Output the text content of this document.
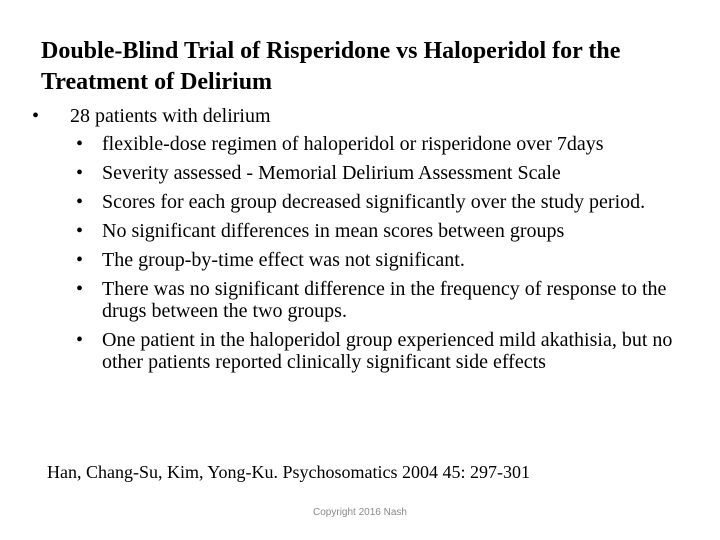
Double-Blind Trial of Risperidone vs Haloperidol for the Treatment of Delirium
•	28 patients with delirium
• flexible-dose regimen of haloperidol or risperidone over 7days
• Severity assessed - Memorial Delirium Assessment Scale
• Scores for each group decreased significantly over the study period.
• No significant differences in mean scores between groups
• The group-by-time effect was not significant.
• There was no significant difference in the frequency of response to the drugs between the two groups.
• One patient in the haloperidol group experienced mild akathisia, but no other patients reported clinically significant side effects
Han, Chang-Su, Kim, Yong-Ku. Psychosomatics 2004 45: 297-301
Copyright 2016 Nash
